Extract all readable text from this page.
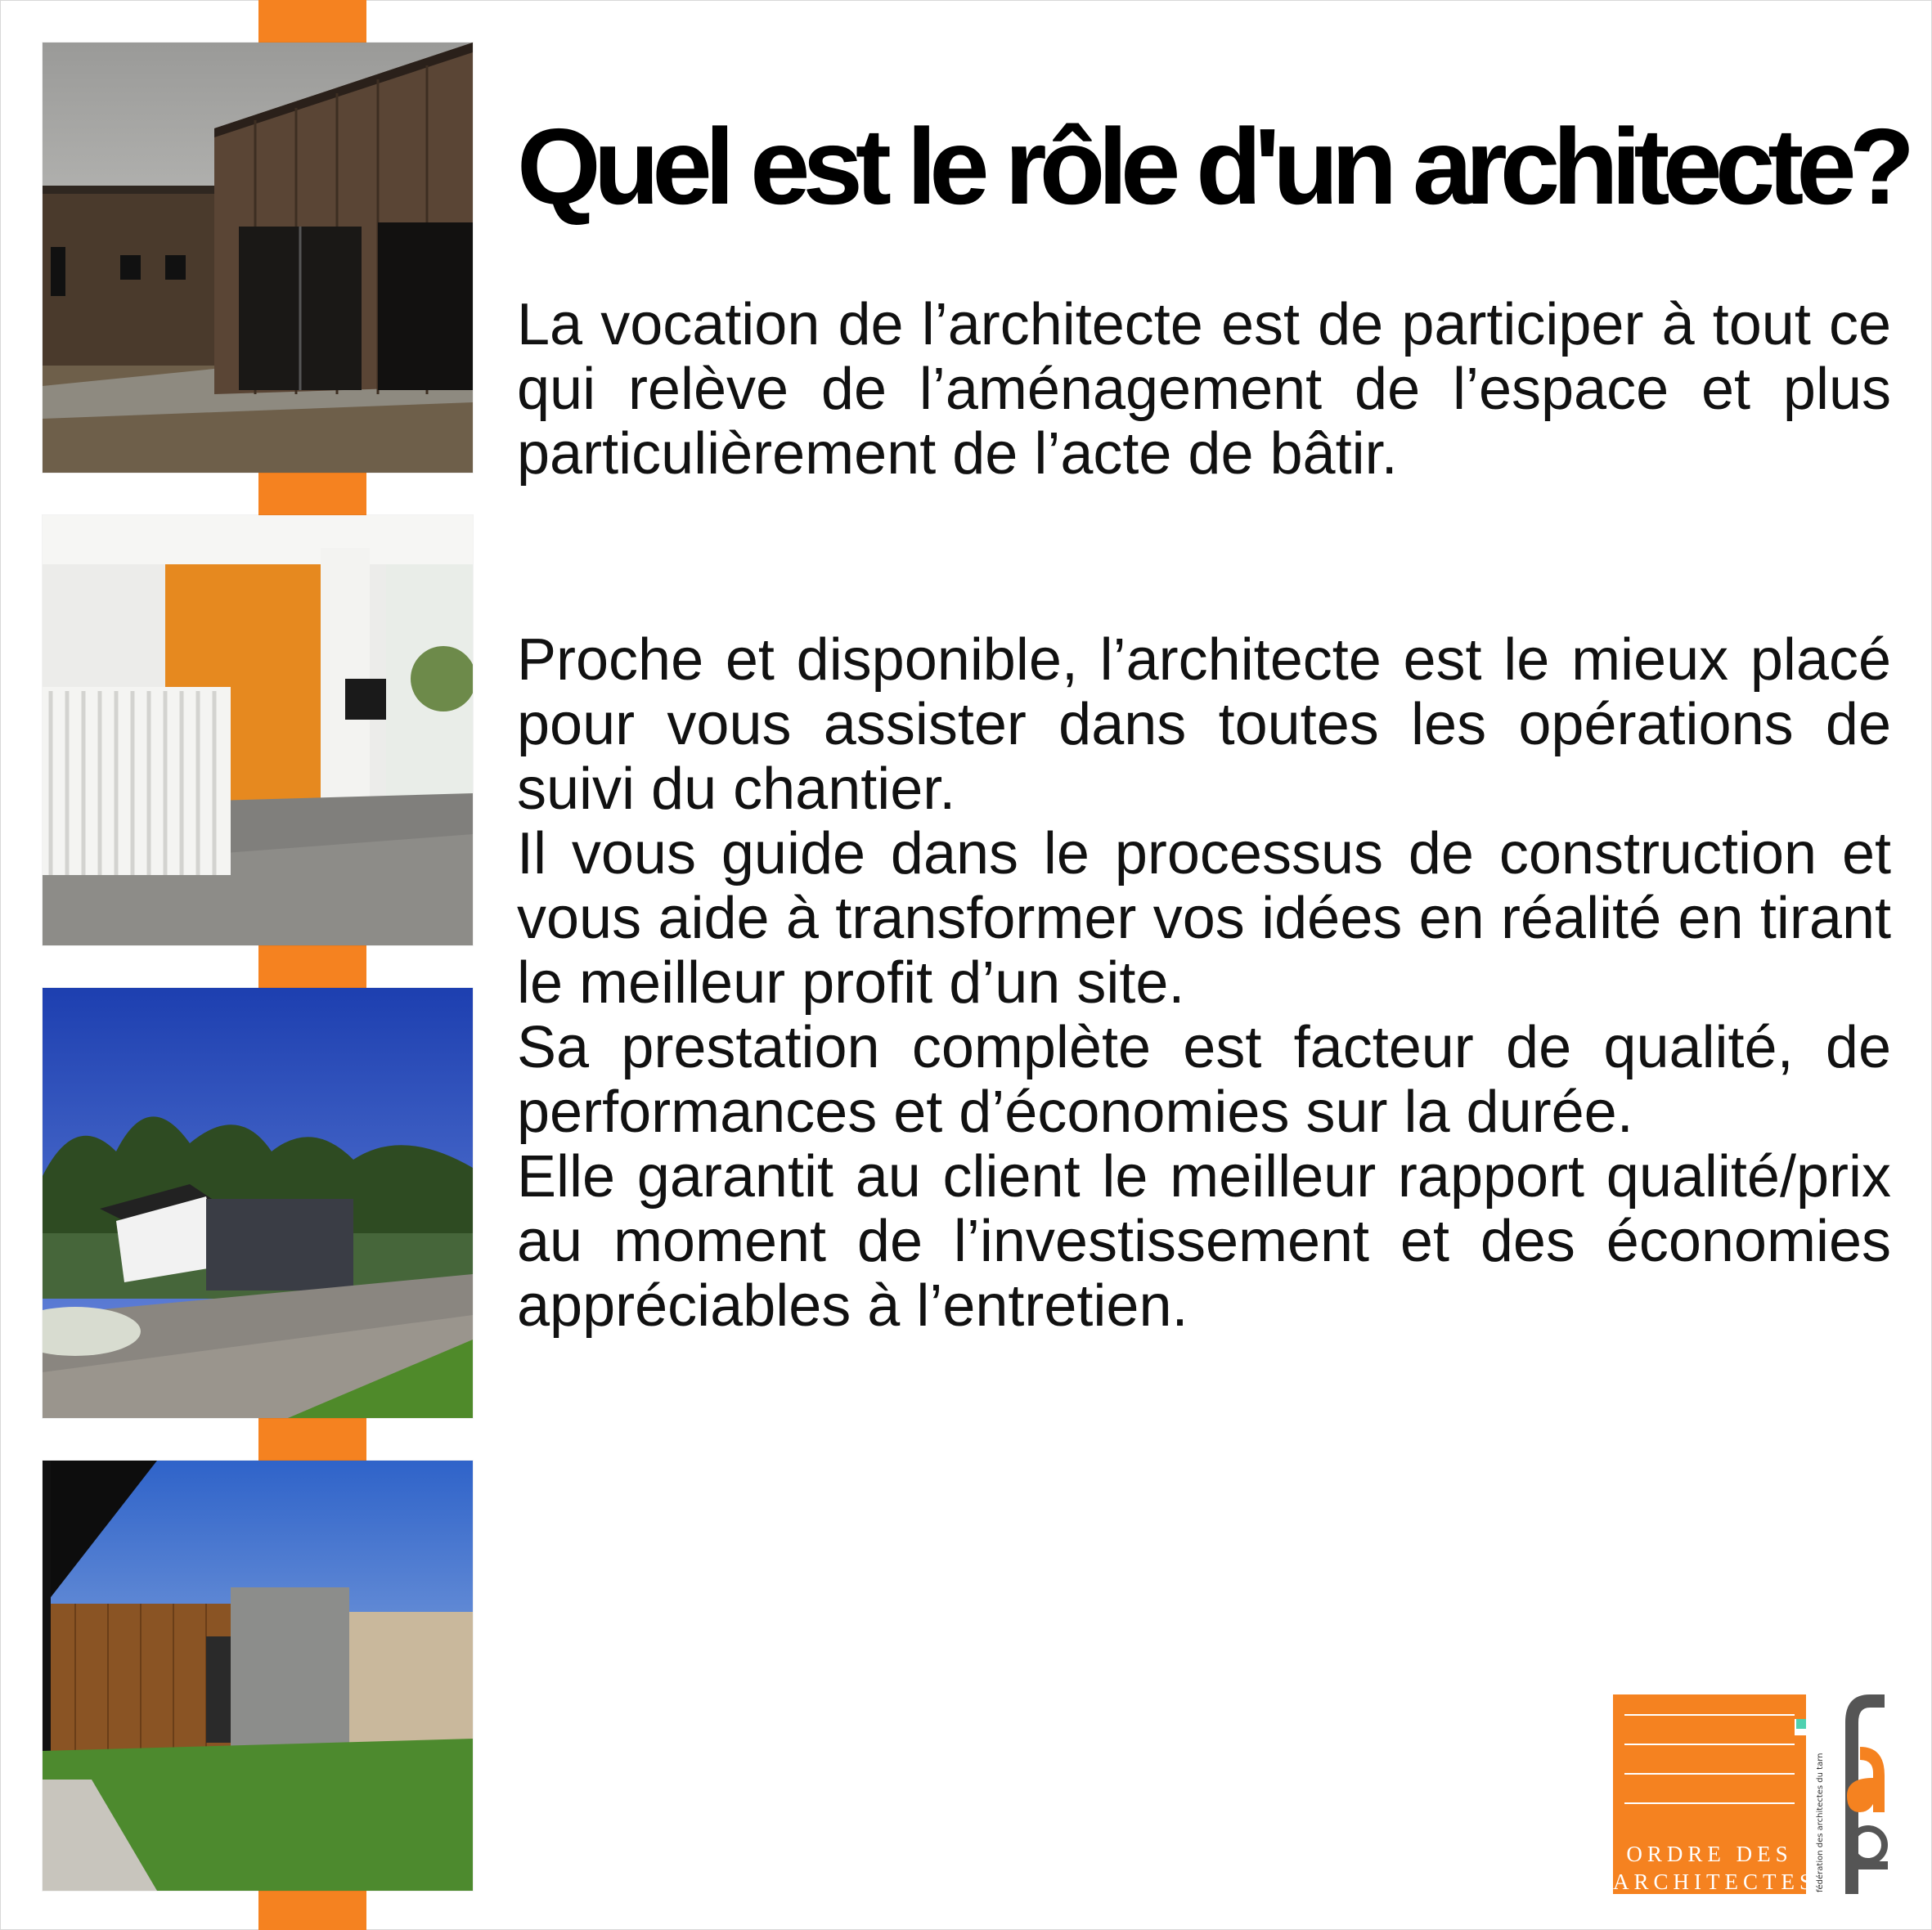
Quel est le rôle d'un architecte?

La vocation de l’architecte est de participer à tout ce qui relève de l’aménagement de l’espace et plus particulièrement de l’acte de bâtir.

Proche et disponible, l’architecte est le mieux placé pour vous assister dans toutes les opérations de suivi du chantier.

Il vous guide dans le processus de construction et vous aide à transformer vos idées en réalité en tirant le meilleur profit d’un site.

Sa prestation complète est facteur de qualité, de performances et d’économies sur la durée.

Elle garantit au client le meilleur rapport qualité/prix au moment de l’investissement et des économies appréciables à l’entretien.

ORDRE DES
ARCHITECTES
fédération des architectes du tarn
